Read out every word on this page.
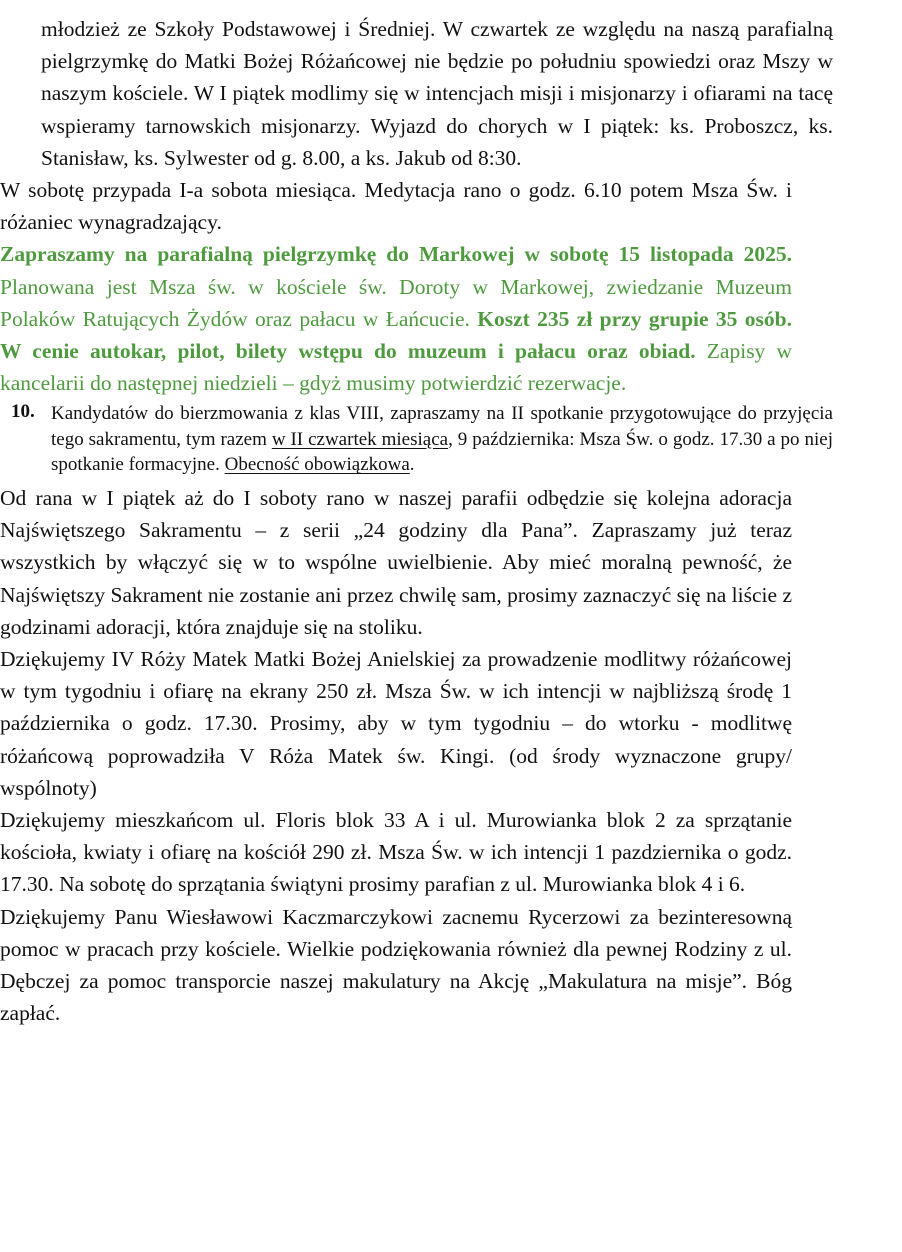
młodzież ze Szkoły Podstawowej i Średniej. W czwartek ze względu na naszą parafialną pielgrzymkę do Matki Bożej Różańcowej nie będzie po południu spowiedzi oraz Mszy w naszym kościele. W I piątek modlimy się w intencjach misji i misjonarzy i ofiarami na tacę wspieramy tarnowskich misjonarzy. Wyjazd do chorych w I piątek: ks. Proboszcz, ks. Stanisław, ks. Sylwester od g. 8.00, a ks. Jakub od 8:30.

W sobotę przypada I-a sobota miesiąca. Medytacja rano o godz. 6.10 potem Msza Św. i różaniec wynagradzający.

Zapraszamy na parafialną pielgrzymkę do Markowej w sobotę 15 listopada 2025. Planowana jest Msza św. w kościele św. Doroty w Markowej, zwiedzanie Muzeum Polaków Ratujących Żydów oraz pałacu w Łańcucie. Koszt 235 zł przy grupie 35 osób. W cenie autokar, pilot, bilety wstępu do muzeum i pałacu oraz obiad. Zapisy w kancelarii do następnej niedzieli – gdyż musimy potwierdzić rezerwacje.

10. Kandydatów do bierzmowania z klas VIII, zapraszamy na II spotkanie przygotowujące do przyjęcia tego sakramentu, tym razem w II czwartek miesiąca, 9 października: Msza Św. o godz. 17.30 a po niej spotkanie formacyjne. Obecność obowiązkowa.

Od rana w I piątek aż do I soboty rano w naszej parafii odbędzie się kolejna adoracja Najświętszego Sakramentu – z serii „24 godziny dla Pana”. Zapraszamy już teraz wszystkich by włączyć się w to wspólne uwielbienie. Aby mieć moralną pewność, że Najświętszy Sakrament nie zostanie ani przez chwilę sam, prosimy zaznaczyć się na liście z godzinami adoracji, która znajduje się na stoliku.

Dziękujemy IV Róży Matek Matki Bożej Anielskiej za prowadzenie modlitwy różańcowej w tym tygodniu i ofiarę na ekrany 250 zł. Msza Św. w ich intencji w najbliższą środę 1 października o godz. 17.30. Prosimy, aby w tym tygodniu – do wtorku - modlitwę różańcową poprowadziła V Róża Matek św. Kingi. (od środy wyznaczone grupy/ wspólnoty)

Dziękujemy mieszkańcom ul. Floris blok 33 A i ul. Murowianka blok 2 za sprzątanie kościoła, kwiaty i ofiarę na kościół 290 zł. Msza Św. w ich intencji 1 pazdziernika o godz. 17.30. Na sobotę do sprzątania świątyni prosimy parafian z ul. Murowianka blok 4 i 6.

Dziękujemy Panu Wiesławowi Kaczmarczykowi zacnemu Rycerzowi za bezinteresowną pomoc w pracach przy kościele. Wielkie podziękowania również dla pewnej Rodziny z ul. Dębczej za pomoc transporcie naszej makulatury na Akcję „Makulatura na misje”. Bóg zapłać.
